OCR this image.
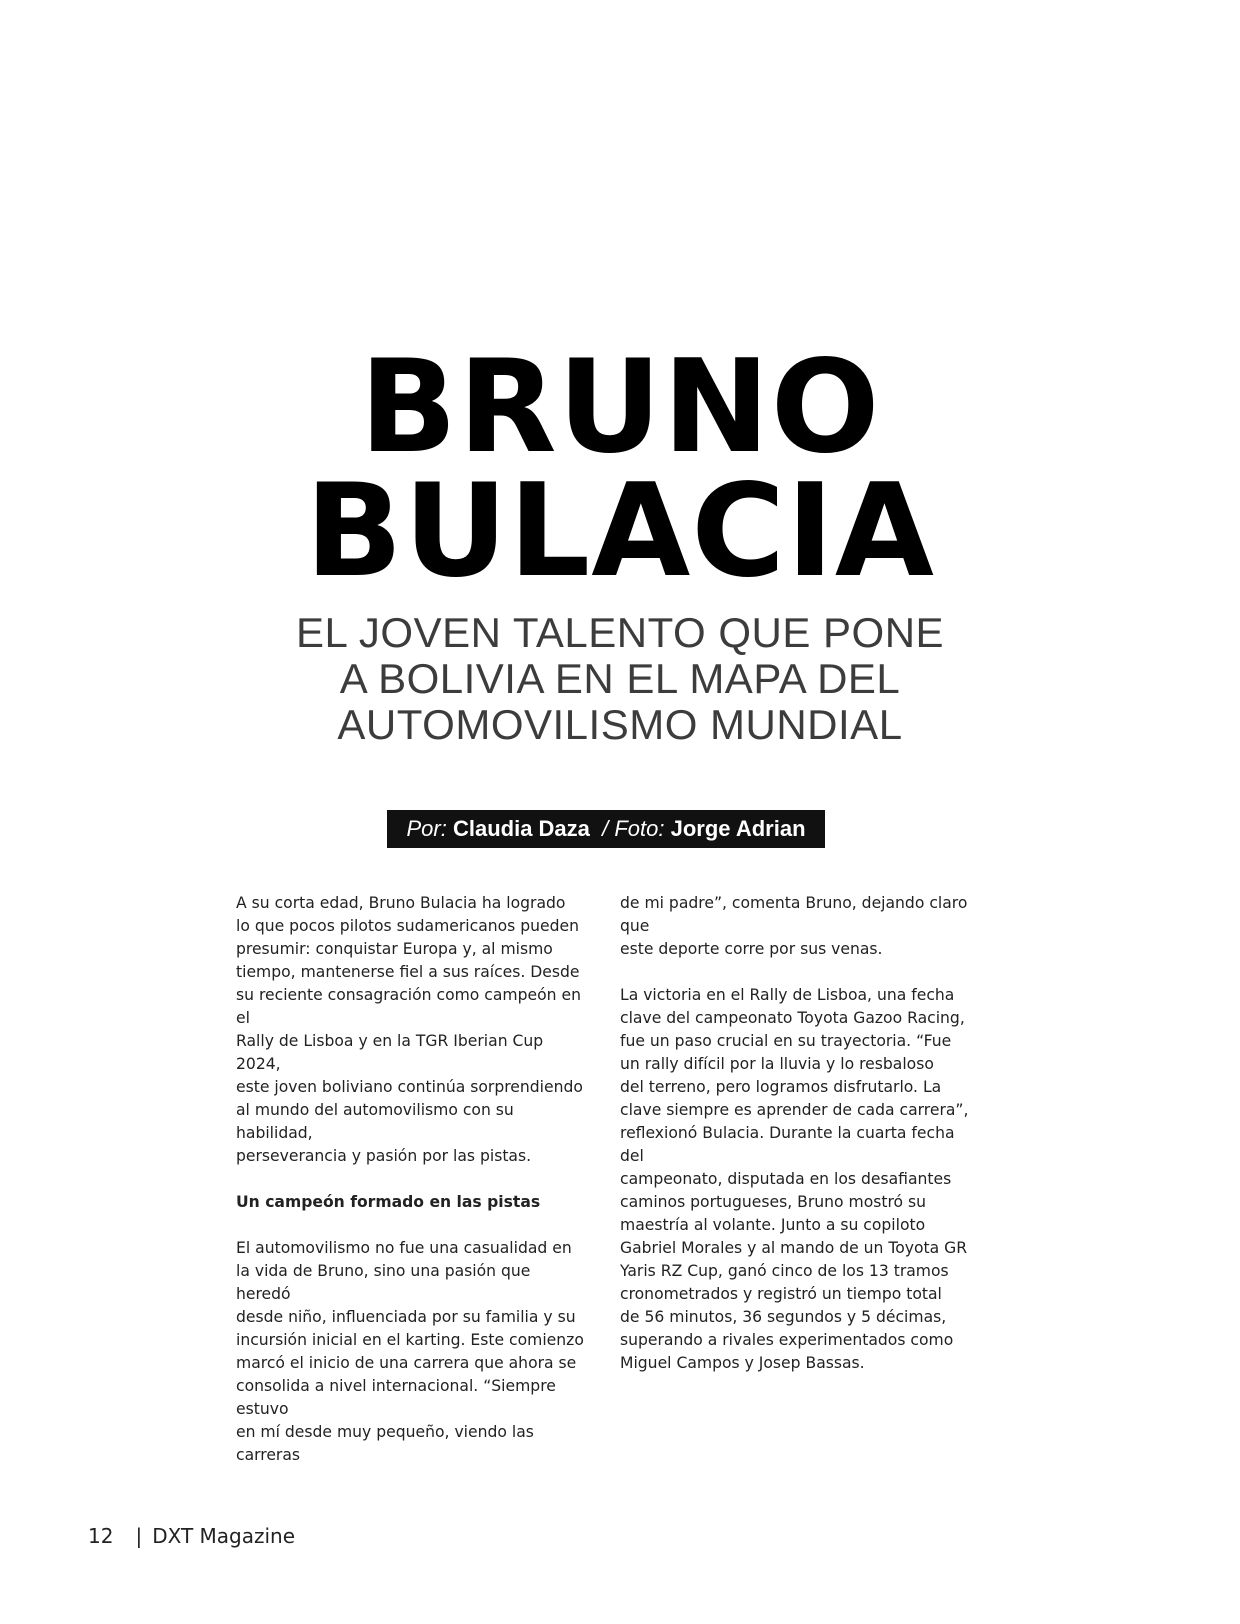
BRUNO
BULACIA
EL JOVEN TALENTO QUE PONE
A BOLIVIA EN EL MAPA DEL
AUTOMOVILISMO MUNDIAL
Por: Claudia Daza / Foto: Jorge Adrian

A su corta edad, Bruno Bulacia ha logrado
lo que pocos pilotos sudamericanos pueden
presumir: conquistar Europa y, al mismo
tiempo, mantenerse fiel a sus raíces. Desde
su reciente consagración como campeón en el
Rally de Lisboa y en la TGR Iberian Cup 2024,
este joven boliviano continúa sorprendiendo
al mundo del automovilismo con su habilidad,
perseverancia y pasión por las pistas.

Un campeón formado en las pistas

El automovilismo no fue una casualidad en
la vida de Bruno, sino una pasión que heredó
desde niño, influenciada por su familia y su
incursión inicial en el karting. Este comienzo
marcó el inicio de una carrera que ahora se
consolida a nivel internacional. “Siempre estuvo
en mí desde muy pequeño, viendo las carreras

de mi padre”, comenta Bruno, dejando claro que
este deporte corre por sus venas.

La victoria en el Rally de Lisboa, una fecha
clave del campeonato Toyota Gazoo Racing,
fue un paso crucial en su trayectoria. “Fue
un rally difícil por la lluvia y lo resbaloso
del terreno, pero logramos disfrutarlo. La
clave siempre es aprender de cada carrera”,
reflexionó Bulacia. Durante la cuarta fecha del
campeonato, disputada en los desafiantes
caminos portugueses, Bruno mostró su
maestría al volante. Junto a su copiloto
Gabriel Morales y al mando de un Toyota GR
Yaris RZ Cup, ganó cinco de los 13 tramos
cronometrados y registró un tiempo total
de 56 minutos, 36 segundos y 5 décimas,
superando a rivales experimentados como
Miguel Campos y Josep Bassas.

12 | DXT Magazine
